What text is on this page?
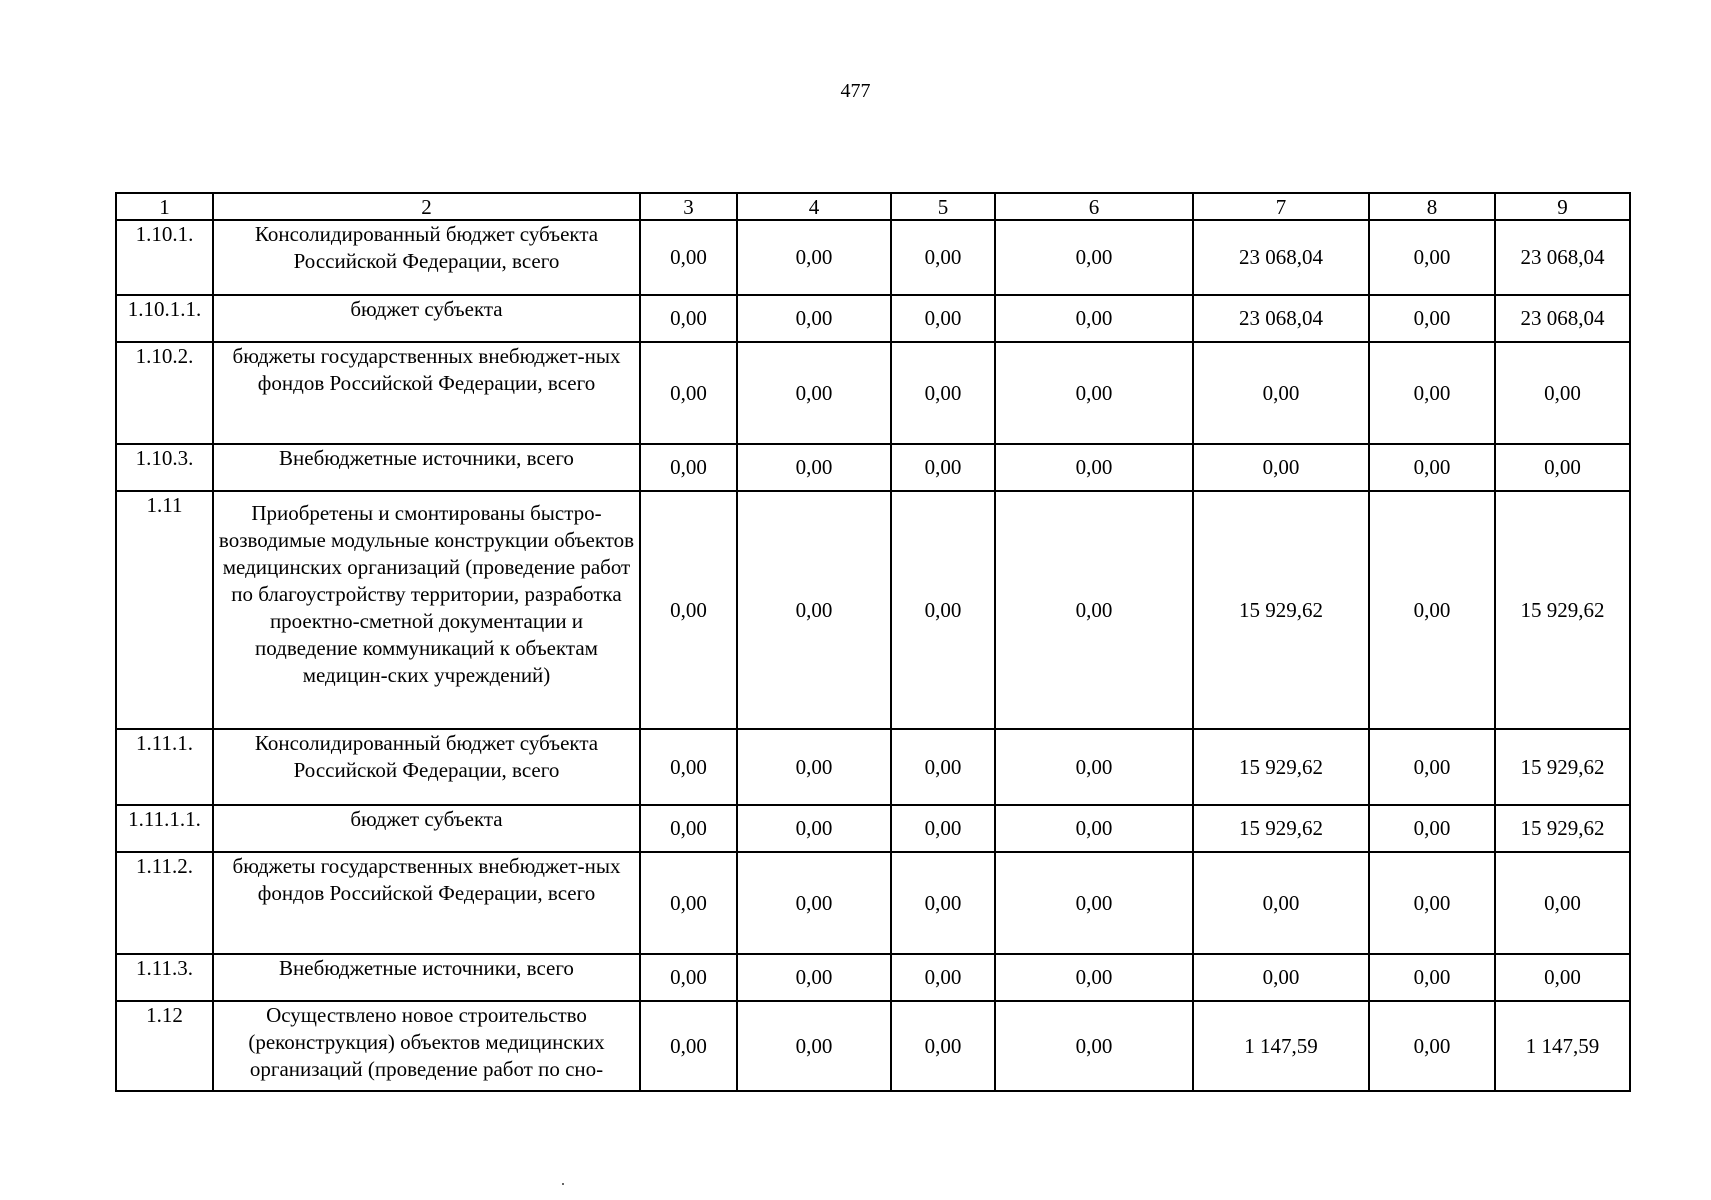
477
1	2	3	4	5	6	7	8	9
1.10.1.	Консолидированный бюджет субъекта Российской Федерации, всего	0,00	0,00	0,00	0,00	23 068,04	0,00	23 068,04
1.10.1.1.	бюджет субъекта	0,00	0,00	0,00	0,00	23 068,04	0,00	23 068,04
1.10.2.	бюджеты государственных внебюджет-ных фондов Российской Федерации, всего	0,00	0,00	0,00	0,00	0,00	0,00	0,00
1.10.3.	Внебюджетные источники, всего	0,00	0,00	0,00	0,00	0,00	0,00	0,00
1.11	Приобретены и смонтированы быстро-возводимые модульные конструкции объектов медицинских организаций (проведение работ по благоустройству территории, разработка проектно-сметной документации и подведение коммуникаций к объектам медицин-ских учреждений)	0,00	0,00	0,00	0,00	15 929,62	0,00	15 929,62
1.11.1.	Консолидированный бюджет субъекта Российской Федерации, всего	0,00	0,00	0,00	0,00	15 929,62	0,00	15 929,62
1.11.1.1.	бюджет субъекта	0,00	0,00	0,00	0,00	15 929,62	0,00	15 929,62
1.11.2.	бюджеты государственных внебюджет-ных фондов Российской Федерации, всего	0,00	0,00	0,00	0,00	0,00	0,00	0,00
1.11.3.	Внебюджетные источники, всего	0,00	0,00	0,00	0,00	0,00	0,00	0,00
1.12	Осуществлено новое строительство (реконструкция) объектов медицинских организаций (проведение работ по сно-	0,00	0,00	0,00	0,00	1 147,59	0,00	1 147,59
